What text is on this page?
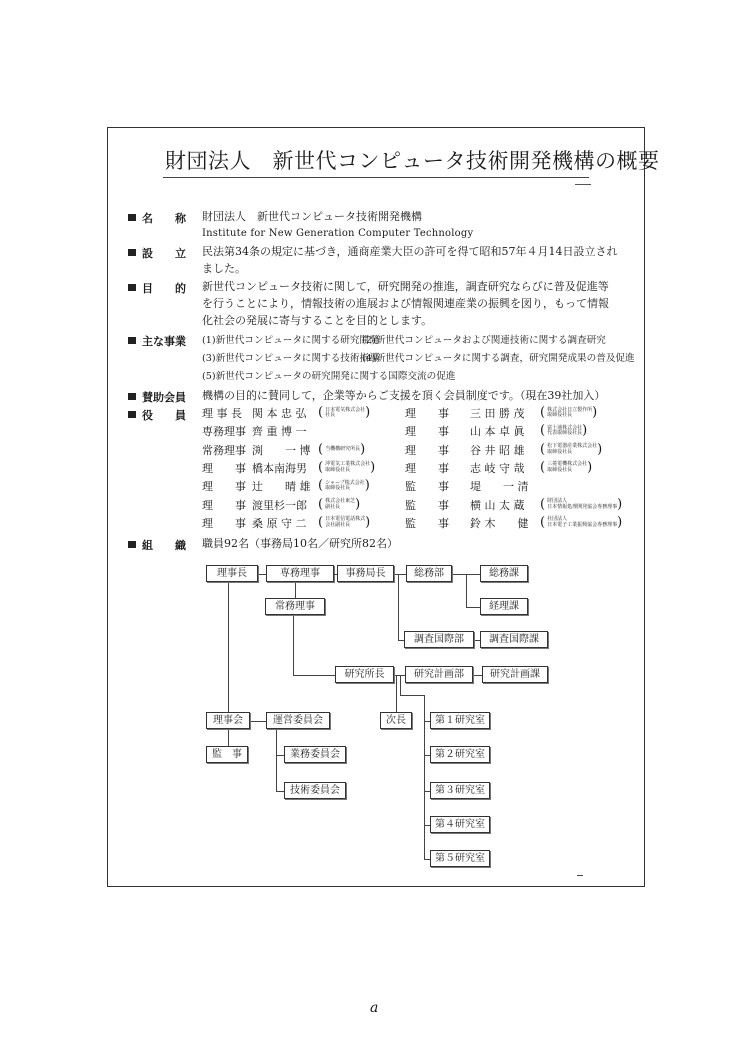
財団法人　新世代コンピュータ技術開発機構の概要
名　　称 財団法人　新世代コンピュータ技術開発機構
Institute for New Generation Computer Technology
設　　立 民法第34条の規定に基づき，通商産業大臣の許可を得て昭和57年４月14日設立され
ました。
目　　的 新世代コンピュータ技術に関して，研究開発の推進，調査研究ならびに普及促進等
を行うことにより，情報技術の進展および情報関連産業の振興を図り，もって情報
化社会の発展に寄与することを目的とします。
主な事業 (1)新世代コンピュータに関する研究開発
(2)新世代コンピュータおよび関連技術に関する調査研究
(3)新世代コンピュータに関する技術指導
(4)新世代コンピュータに関する調査，研究開発成果の普及促進
(5)新世代コンピュータの研究開発に関する国際交流の促進
賛助会員 機構の目的に賛同して，企業等からご支援を頂く会員制度です。（現在39社加入）
役　　員 理 事 長 関 本 忠 弘 ( 日本電気株式会社
社長 )
専務理事 齊 重 博 一
常務理事 渕　　一 博 ( 当機構研究所長
)
理　　事 橋本南海男 ( 沖電気工業株式会社
取締役社長 )
理　　事 辻　　晴 雄 ( シャープ株式会社
取締役社長 )
理　　事 渡里杉一郎 ( 株式会社東芝
副社長 )
理　　事 桑 原 守 二 ( 日本電信電話株式
会社副社長 )
理　　事 三 田 勝 茂 ( 株式会社日立製作所
取締役社長 )
理　　事 山 本 卓 眞 ( 富士通株式会社
代表取締役社長)
理　　事 谷 井 昭 雄 ( 松下電器産業株式会社
取締役社長 )
理　　事 志 岐 守 哉 ( 三菱電機株式会社
取締役社長 )
監　　事 堤　　一 清
監　　事 横 山 太 蔵 ( 財団法人
日本情報処理開発協会専務理事)
監　　事 鈴 木　　健 ( 社団法人
日本電子工業振興協会専務理事)
組　　織 職員92名（事務局10名／研究所82名）
理事長	専務理事	事務局長	総務部	総務課
経理課
常務理事
調査国際部	調査国際課
研究所長	研究計画部	研究計画課
次長	第１研究室
第２研究室
第３研究室
第４研究室
第５研究室
理事会	運営委員会
監　事	業務委員会
技術委員会
a
